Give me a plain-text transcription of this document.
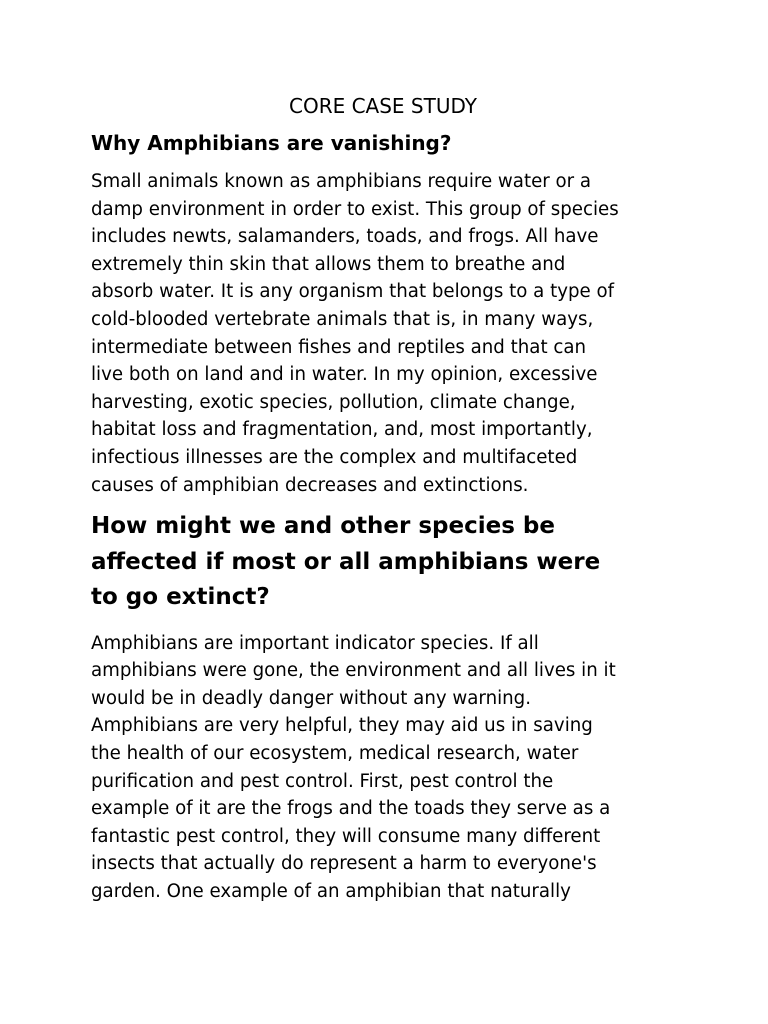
CORE CASE STUDY
Why Amphibians are vanishing?

Small animals known as amphibians require water or a
damp environment in order to exist. This group of species
includes newts, salamanders, toads, and frogs. All have
extremely thin skin that allows them to breathe and
absorb water. It is any organism that belongs to a type of
cold-blooded vertebrate animals that is, in many ways,
intermediate between fishes and reptiles and that can
live both on land and in water. In my opinion, excessive
harvesting, exotic species, pollution, climate change,
habitat loss and fragmentation, and, most importantly,
infectious illnesses are the complex and multifaceted
causes of amphibian decreases and extinctions.

How might we and other species be
affected if most or all amphibians were
to go extinct?

Amphibians are important indicator species. If all
amphibians were gone, the environment and all lives in it
would be in deadly danger without any warning.
Amphibians are very helpful, they may aid us in saving
the health of our ecosystem, medical research, water
purification and pest control. First, pest control the
example of it are the frogs and the toads they serve as a
fantastic pest control, they will consume many different
insects that actually do represent a harm to everyone's
garden. One example of an amphibian that naturally
